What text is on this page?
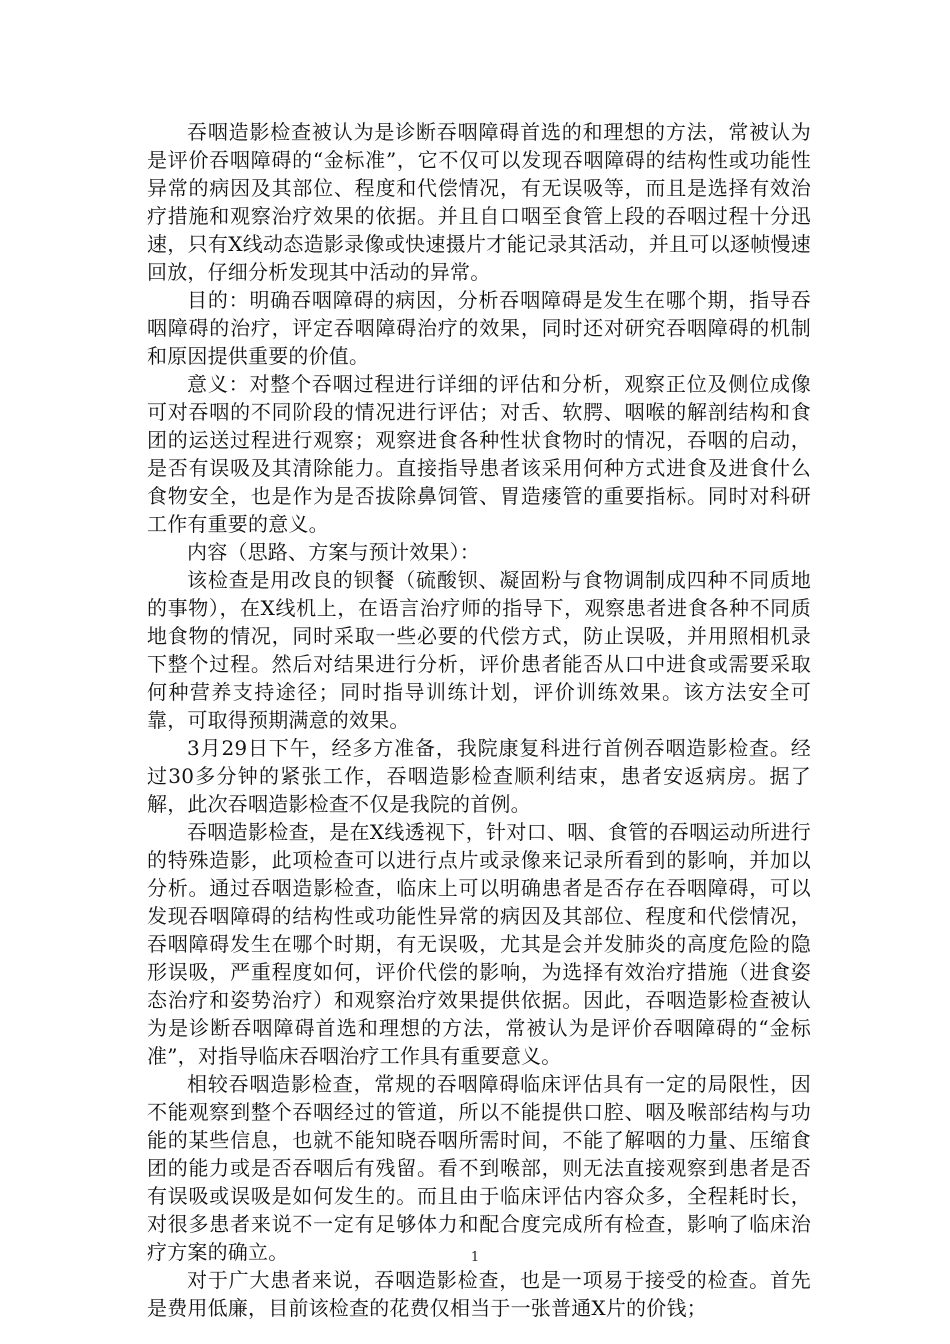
吞咽造影检查被认为是诊断吞咽障碍首选的和理想的方法，常被认为是评价吞咽障碍的“金标准”，它不仅可以发现吞咽障碍的结构性或功能性异常的病因及其部位、程度和代偿情况，有无误吸等，而且是选择有效治疗措施和观察治疗效果的依据。并且自口咽至食管上段的吞咽过程十分迅速，只有X线动态造影录像或快速摄片才能记录其活动，并且可以逐帧慢速回放，仔细分析发现其中活动的异常。

目的：明确吞咽障碍的病因，分析吞咽障碍是发生在哪个期，指导吞咽障碍的治疗，评定吞咽障碍治疗的效果，同时还对研究吞咽障碍的机制和原因提供重要的价值。

意义：对整个吞咽过程进行详细的评估和分析，观察正位及侧位成像可对吞咽的不同阶段的情况进行评估；对舌、软腭、咽喉的解剖结构和食团的运送过程进行观察；观察进食各种性状食物时的情况，吞咽的启动，是否有误吸及其清除能力。直接指导患者该采用何种方式进食及进食什么食物安全，也是作为是否拔除鼻饲管、胃造瘘管的重要指标。同时对科研工作有重要的意义。

内容（思路、方案与预计效果）：

该检查是用改良的钡餐（硫酸钡、凝固粉与食物调制成四种不同质地的事物），在X线机上，在语言治疗师的指导下，观察患者进食各种不同质地食物的情况，同时采取一些必要的代偿方式，防止误吸，并用照相机录下整个过程。然后对结果进行分析，评价患者能否从口中进食或需要采取何种营养支持途径；同时指导训练计划，评价训练效果。该方法安全可靠，可取得预期满意的效果。

3月29日下午，经多方准备，我院康复科进行首例吞咽造影检查。经过30多分钟的紧张工作，吞咽造影检查顺利结束，患者安返病房。据了解，此次吞咽造影检查不仅是我院的首例。

吞咽造影检查，是在X线透视下，针对口、咽、食管的吞咽运动所进行的特殊造影，此项检查可以进行点片或录像来记录所看到的影响，并加以分析。通过吞咽造影检查，临床上可以明确患者是否存在吞咽障碍，可以发现吞咽障碍的结构性或功能性异常的病因及其部位、程度和代偿情况，吞咽障碍发生在哪个时期，有无误吸，尤其是会并发肺炎的高度危险的隐形误吸，严重程度如何，评价代偿的影响，为选择有效治疗措施（进食姿态治疗和姿势治疗）和观察治疗效果提供依据。因此，吞咽造影检查被认为是诊断吞咽障碍首选和理想的方法，常被认为是评价吞咽障碍的“金标准”，对指导临床吞咽治疗工作具有重要意义。

相较吞咽造影检查，常规的吞咽障碍临床评估具有一定的局限性，因不能观察到整个吞咽经过的管道，所以不能提供口腔、咽及喉部结构与功能的某些信息，也就不能知晓吞咽所需时间，不能了解咽的力量、压缩食团的能力或是否吞咽后有残留。看不到喉部，则无法直接观察到患者是否有误吸或误吸是如何发生的。而且由于临床评估内容众多，全程耗时长，对很多患者来说不一定有足够体力和配合度完成所有检查，影响了临床治疗方案的确立。

对于广大患者来说，吞咽造影检查，也是一项易于接受的检查。首先是费用低廉，目前该检查的花费仅相当于一张普通X片的价钱；

1
